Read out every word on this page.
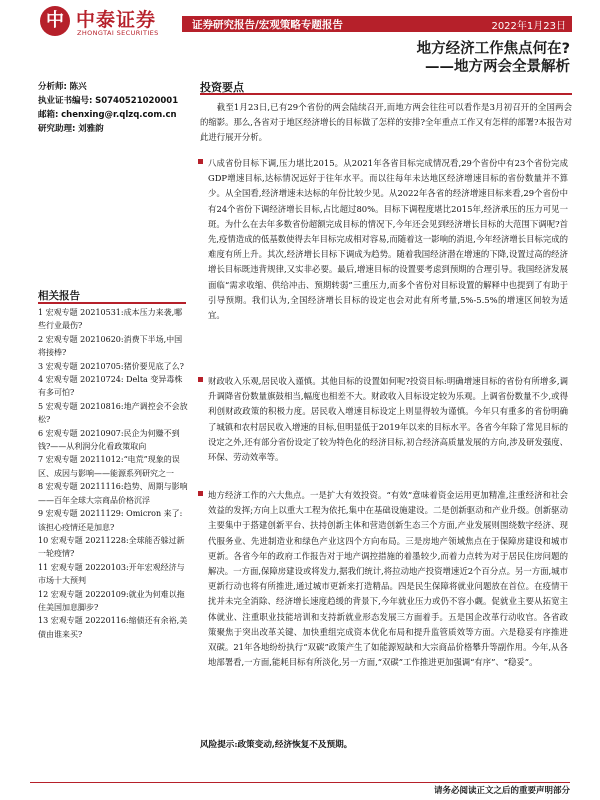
中 中泰证券
ZHONGTAI SECURITIES
证券研究报告/宏观策略专题报告	2022年1月23日
地方经济工作焦点何在?
——地方两会全景解析
分析师: 陈兴
执业证书编号: S0740521020001
邮箱: chenxing@r.qlzq.com.cn
研究助理: 刘雅韵
相关报告
1 宏观专题 20210531:成本压力来袭,哪些行业最伤?
2 宏观专题 20210620:消费下半场,中国将接棒?
3 宏观专题 20210705:猪价要见底了么?
4 宏观专题 20210724: Delta 变异毒株有多可怕?
5 宏观专题 20210816:地产调控会不会放松?
6 宏观专题 20210907:民企为何赚不到钱?——从利润分化看政策取向
7 宏观专题 20211012:“电荒”现象的误区、成因与影响——能源系列研究之一
8 宏观专题 20211116:趋势、周期与影响——百年全球大宗商品价格沉浮
9 宏观专题 20211129: Omicron 来了:该担心疫情还是加息?
10 宏观专题 20211228:全球能否躲过新一轮疫情?
11 宏观专题 20220103:开年宏观经济与市场十大预判
12 宏观专题 20220109:就业为何难以拖住美国加息脚步?
13 宏观专题 20220116:缩债还有余裕,美债由谁来买?
投资要点
截至1月23日,已有29个省份的两会陆续召开,而地方两会往往可以看作是3月初召开的全国两会的缩影。那么,各省对于地区经济增长的目标做了怎样的安排?全年重点工作又有怎样的部署?本报告对此进行展开分析。
八成省份目标下调,压力堪比2015。从2021年各省目标完成情况看,29个省份中有23个省份完成GDP增速目标,达标情况远好于往年水平。而以往每年未达地区经济增速目标的省份数量并不算少。从全国看,经济增速未达标的年份比较少见。从2022年各省的经济增速目标来看,29个省份中有24个省份下调经济增长目标,占比超过80%。目标下调程度堪比2015年,经济承压的压力可见一斑。为什么在去年多数省份超额完成目标的情况下,今年还会见到经济增长目标的大范围下调呢?首先,疫情造成的低基数使得去年目标完成相对容易,而随着这一影响的消退,今年经济增长目标完成的难度有所上升。其次,经济增长目标下调成为趋势。随着我国经济潜在增速的下降,设置过高的经济增长目标既违背规律,又实非必要。最后,增速目标的设置要考虑到预期的合理引导。我国经济发展面临“需求收缩、供给冲击、预期转弱”三重压力,而多个省份对目标设置的解释中也提到了有助于引导预期。我们认为,全国经济增长目标的设定也会对此有所考量,5%-5.5%的增速区间较为适宜。
财政收入乐观,居民收入谨慎。其他目标的设置如何呢?投资目标:明确增速目标的省份有所增多,调升调降省份数量旗鼓相当,幅度也相差不大。财政收入目标设定较为乐观。上调省份数量不少,或得利创财政政策的积极力度。居民收入增速目标设定上则显得较为谨慎。今年只有重多的省份明确了城镇和农村居民收入增速的目标,但明显低于2019年以来的目标水平。各省今年除了常见目标的设定之外,还有部分省份设定了较为特色化的经济目标,初合经济高质量发展的方向,涉及研发强度、环保、劳动效率等。
地方经济工作的六大焦点。一是扩大有效投资。“有效”意味着资金运用更加精准,注重经济和社会效益的发挥;方向上以重大工程为依托,集中在基础设施建设。二是创新驱动和产业升级。创新驱动主要集中于搭建创新平台、扶持创新主体和营造创新生态三个方面,产业发展则围绕数字经济、现代服务业、先进制造业和绿色产业这四个方向布局。三是房地产领域焦点在于保障房建设和城市更新。各省今年的政府工作报告对于地产调控措施的着墨较少,而着力点转为对于居民住房问题的解决。一方面,保障房建设或将发力,据我们统计,将拉动地产投资增速近2个百分点。另一方面,城市更新行动也将有所推进,通过城市更新来打造精品。四是民生保障将就业问题放在首位。在疫情干扰并未完全消除、经济增长速度趋缓的背景下,今年就业压力或仍不容小觑。促就业主要从拓宽主体就业、注重职业技能培训和支持新就业形态发展三方面着手。五是国企改革行动收官。各省政策聚焦于突出改革关键、加快重组完成资本优化布局和提升监管质效等方面。六是稳妥有序推进双碳。21年各地纷纷执行“双碳”政策产生了如能源短缺和大宗商品价格攀升等副作用。今年,从各地部署看,一方面,能耗目标有所淡化,另一方面,“双碳”工作推进更加强调“有序”、“稳妥”。
风险提示:政策变动,经济恢复不及预期。
请务必阅读正文之后的重要声明部分
